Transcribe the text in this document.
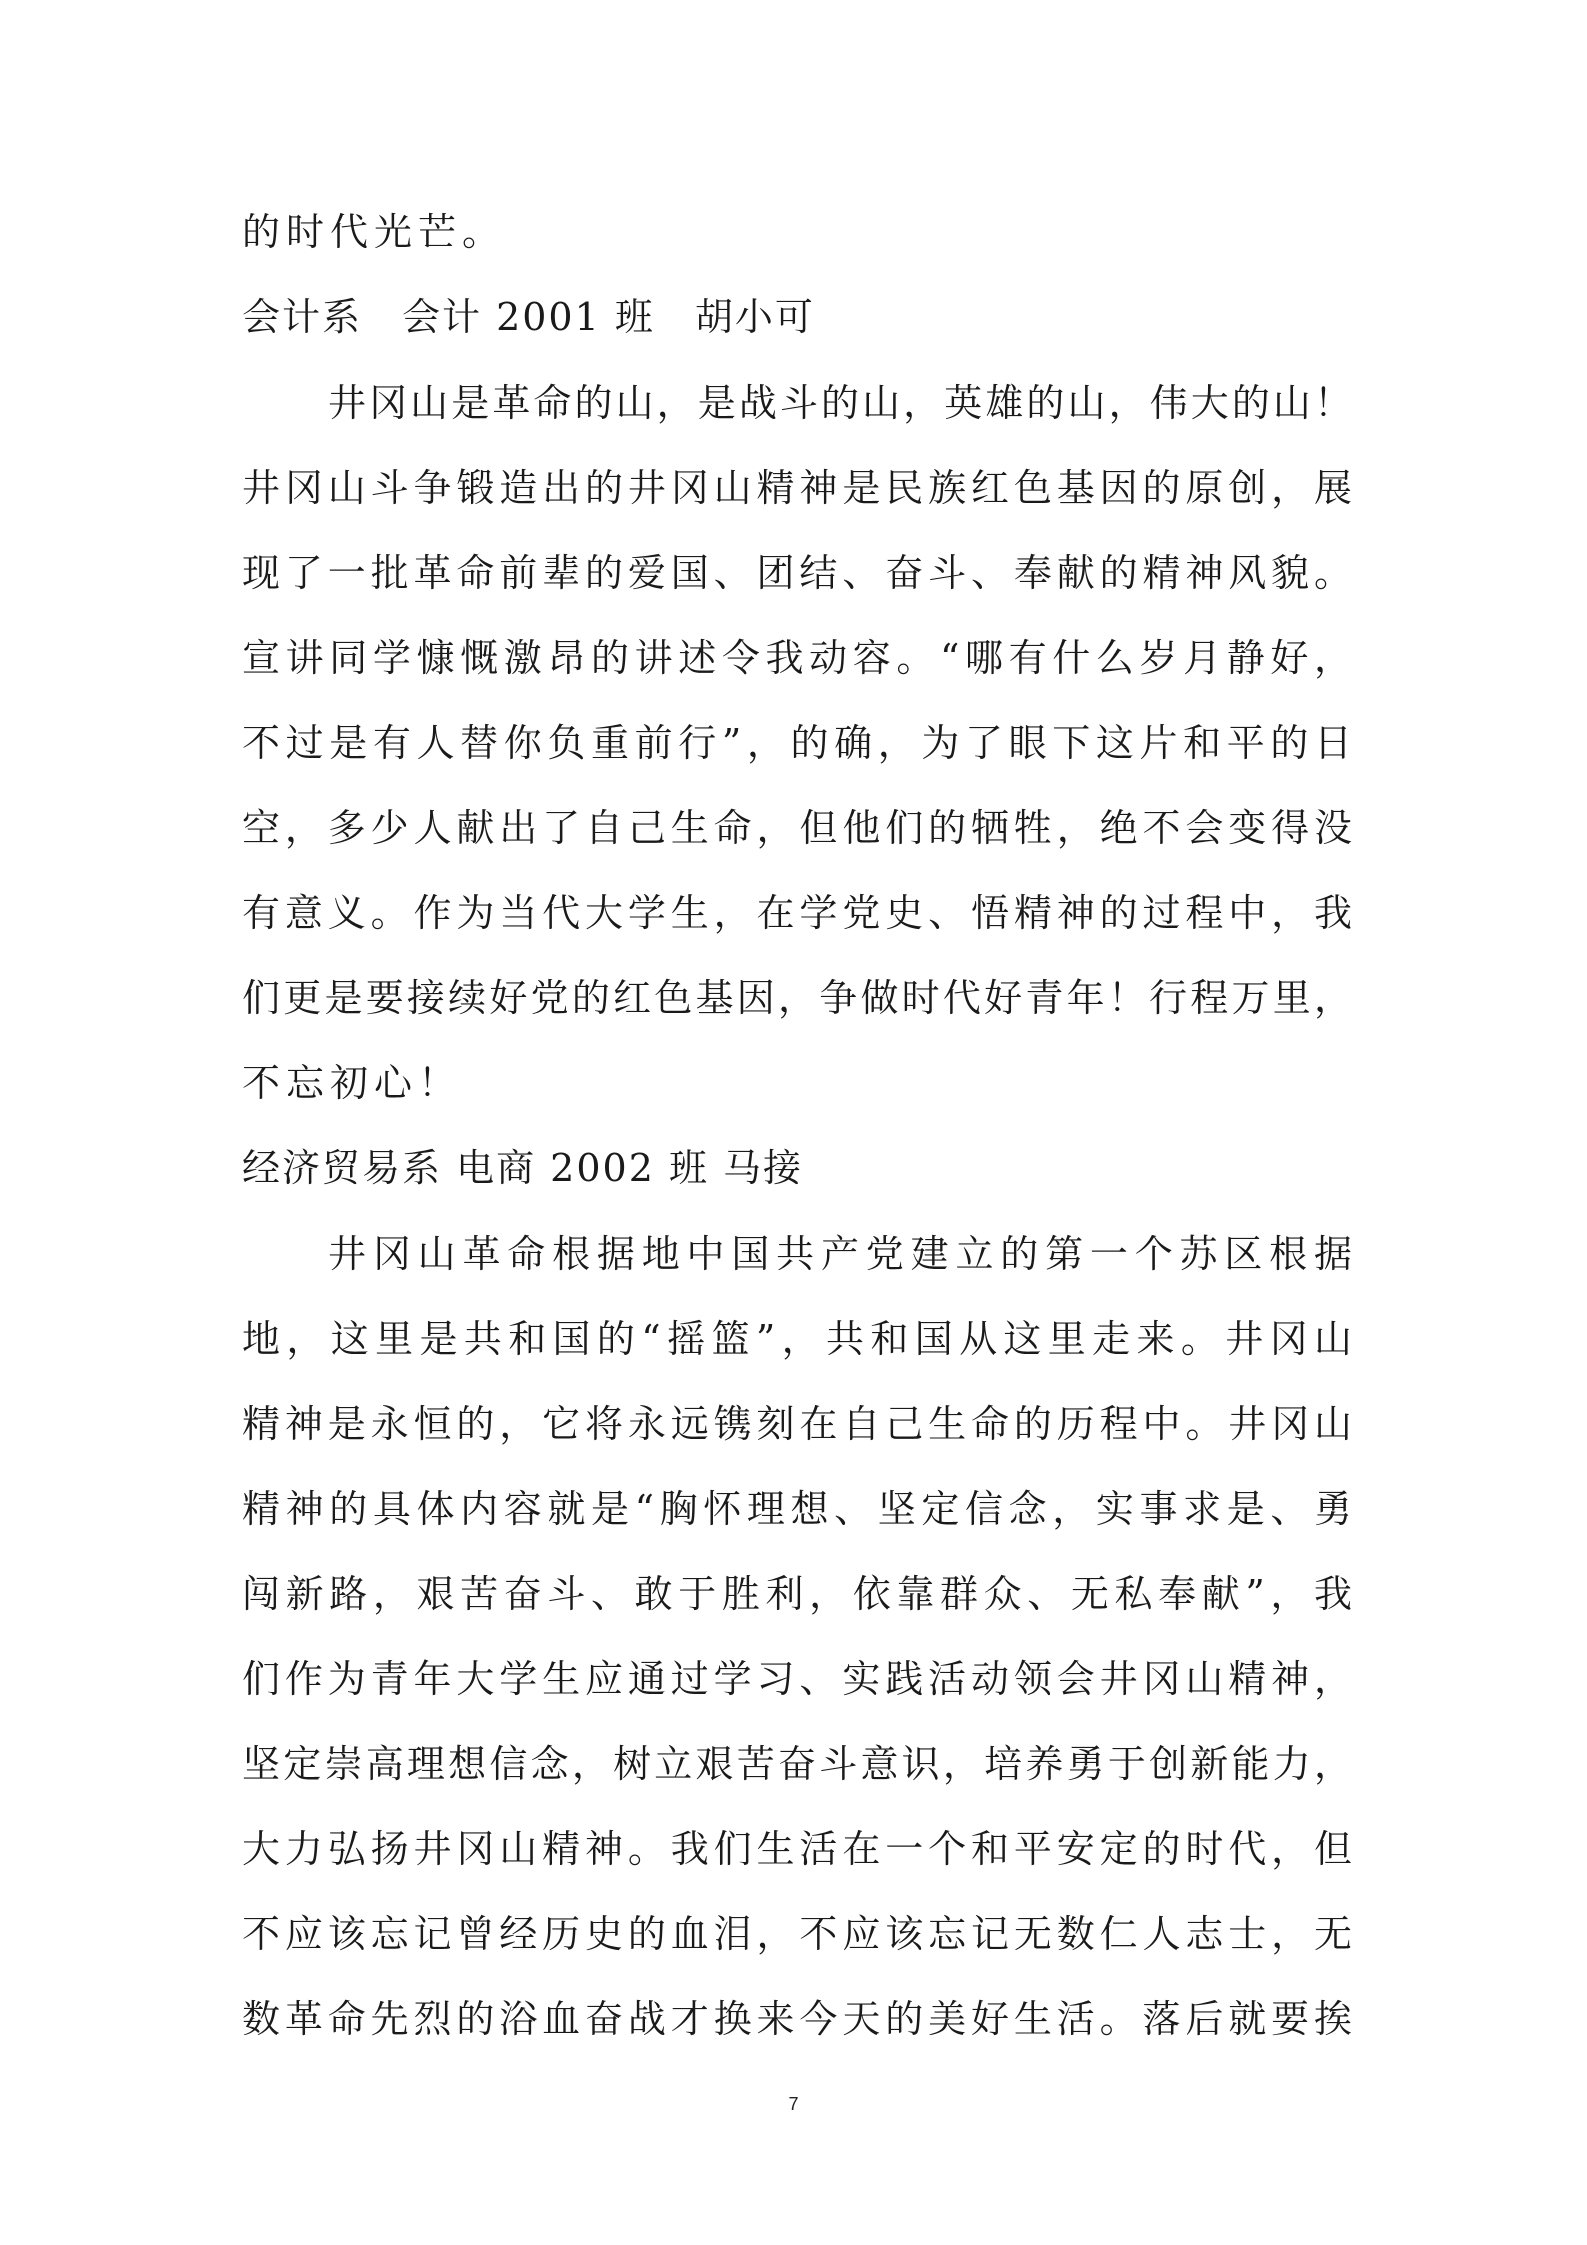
的时代光芒。
会计系　会计 2001 班　胡小可
井冈山是革命的山，是战斗的山，英雄的山，伟大的山！
井冈山斗争锻造出的井冈山精神是民族红色基因的原创，展
现了一批革命前辈的爱国、团结、奋斗、奉献的精神风貌。
宣讲同学慷慨激昂的讲述令我动容。“哪有什么岁月静好，
不过是有人替你负重前行”，的确，为了眼下这片和平的日
空，多少人献出了自己生命，但他们的牺牲，绝不会变得没
有意义。作为当代大学生，在学党史、悟精神的过程中，我
们更是要接续好党的红色基因，争做时代好青年！行程万里，
不忘初心！
经济贸易系 电商 2002 班 马接
井冈山革命根据地中国共产党建立的第一个苏区根据
地，这里是共和国的“摇篮”，共和国从这里走来。井冈山
精神是永恒的，它将永远镌刻在自己生命的历程中。井冈山
精神的具体内容就是“胸怀理想、坚定信念，实事求是、勇
闯新路，艰苦奋斗、敢于胜利，依靠群众、无私奉献”，我
们作为青年大学生应通过学习、实践活动领会井冈山精神，
坚定崇高理想信念，树立艰苦奋斗意识，培养勇于创新能力，
大力弘扬井冈山精神。我们生活在一个和平安定的时代，但
不应该忘记曾经历史的血泪，不应该忘记无数仁人志士，无
数革命先烈的浴血奋战才换来今天的美好生活。落后就要挨
7
